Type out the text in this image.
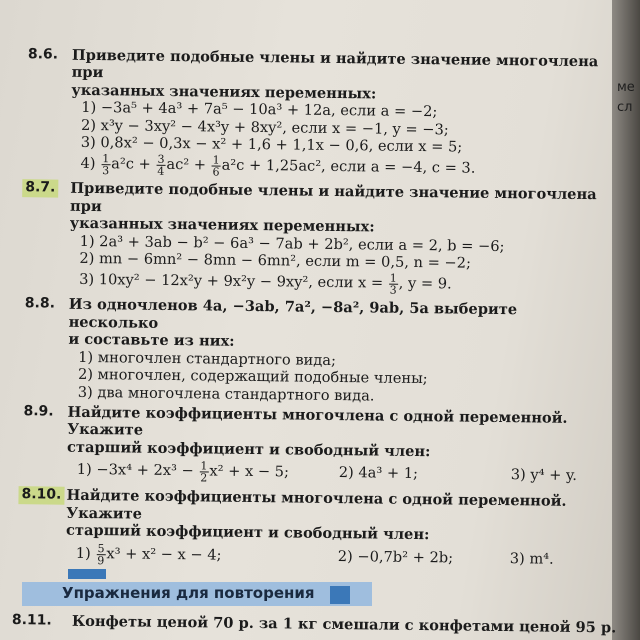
ме
сл
8.6. Приведите подобные члены и найдите значение многочлена при
указанных значениях переменных:
1) −3a⁵ + 4a³ + 7a⁵ − 10a³ + 12a, если a = −2;
2) x³y − 3xy² − 4x³y + 8xy², если x = −1, y = −3;
3) 0,8x² − 0,3x − x² + 1,6 + 1,1x − 0,6, если x = 5;
$4) \frac{1}{3} a^2c + \frac{3}{4} ac^2 + \frac{1}{6} a^2c + 1,25ac^2$, если a = −4, c = 3.
8.7.	Приведите подобные члены и найдите значение многочлена при
указанных значениях переменных:
1) 2a³ + 3ab − b² − 6a³ − 7ab + 2b², если a = 2, b = −6;
2) mn − 6mn² − 8mn − 6mn², если m = 0,5, n = −2;
3) 10xy² − 12x²y + 9x²y − 9xy², если $x = \frac{1}{3}$ , y = 9.
8.8. Из одночленов 4a, −3ab, 7a², −8a², 9ab, 5a выберите несколько
и составьте из них:
1) многочлен стандартного вида;
2) многочлен, содержащий подобные члены;
3) два многочлена стандартного вида.
8.9. Найдите коэффициенты многочлена с одной переменной. Укажите
старший коэффициент и свободный член:
$1) -3x^4 + 2x^3 - \frac{1}{2} x^2 + x - 5$;	2) 4a³ + 1;	3) y⁴ + y.
8.10. Найдите коэффициенты многочлена с одной переменной. Укажите
старший коэффициент и свободный член:
$1) \frac{5}{9} x^3 + x^2 - x - 4$;	2) −0,7b² + 2b;	3) m⁴.
Упражнения для повторения
8.11.	Конфеты ценой 70 р. за 1 кг смешали с конфетами ценой 95 р.
